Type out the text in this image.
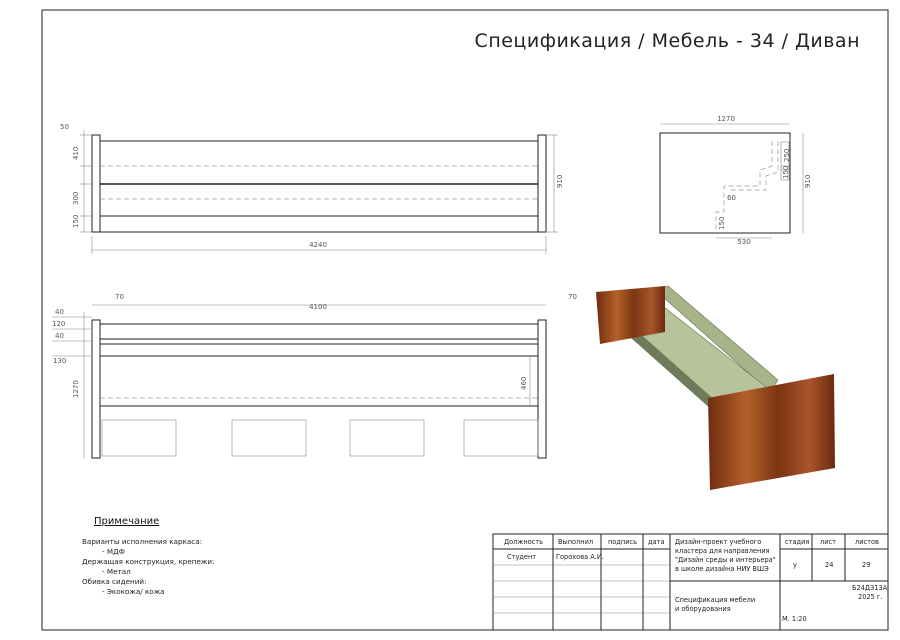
Спецификация / Мебель - 34 / Диван
50
410
300
150
910
4240
1270
910
250
150
60
150
530
70
4100
70
40
120
40
130
1270	460
Примечание
Варианты исполнения каркаса:
- МДФ
Держащая конструкция, крепежи:
- Метал
Обивка сидений:
- Экокожа/ кожа
Должность Выполнил подпись дата
Студент	Горохова А.И.
Дизайн-проект учебного
кластера для направления
"Дизайн среды и интерьера"
в школе дизайна НИУ ВШЭ
стадия лист	листов
у	24	29
Б24ДЗ13А
2025 г.
Спецификация мебели
и оборудования
М. 1:20
